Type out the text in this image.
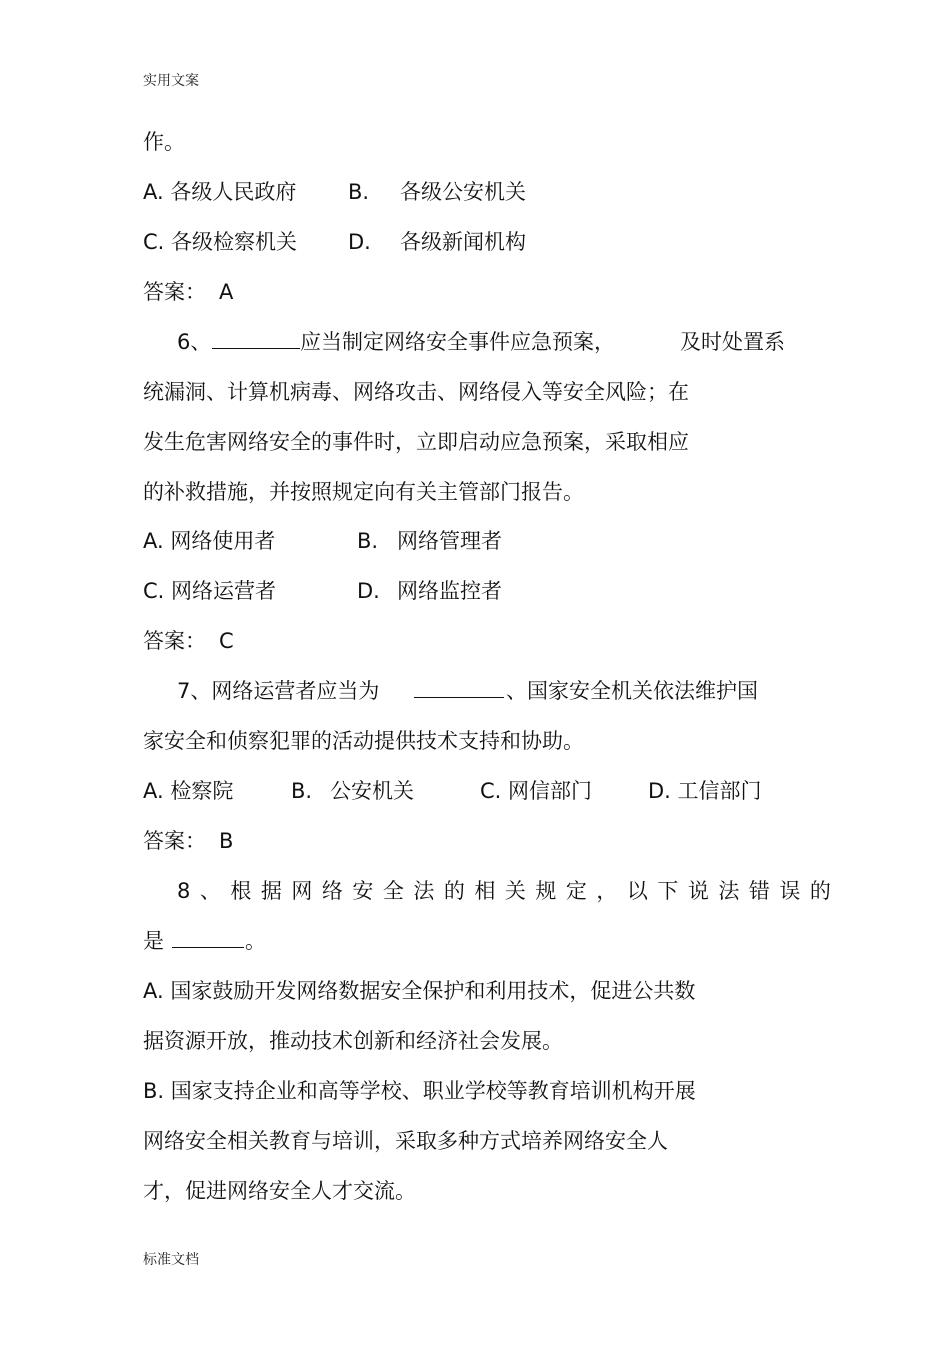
实用文案
作。
A. 各级人民政府 B. 各级公安机关
C. 各级检察机关 D. 各级新闻机构
答案： A
6、	应当制定网络安全事件应急预案，	及时处置系
统漏洞、计算机病毒、网络攻击、网络侵入等安全风险；在
发生危害网络安全的事件时，立即启动应急预案，采取相应
的补救措施，并按照规定向有关主管部门报告。
A. 网络使用者	B. 网络管理者
C. 网络运营者	D. 网络监控者
答案： C
7、网络运营者应当为	、国家安全机关依法维护国
家安全和侦察犯罪的活动提供技术支持和协助。
A. 检察院	B. 公安机关	C. 网信部门	D. 工信部门
答案： B
8、根据网络安全法的相关规定，以下说法错误的
是	。
A. 国家鼓励开发网络数据安全保护和利用技术，促进公共数
据资源开放，推动技术创新和经济社会发展。
B. 国家支持企业和高等学校、职业学校等教育培训机构开展
网络安全相关教育与培训，采取多种方式培养网络安全人
才，促进网络安全人才交流。
标准文档
